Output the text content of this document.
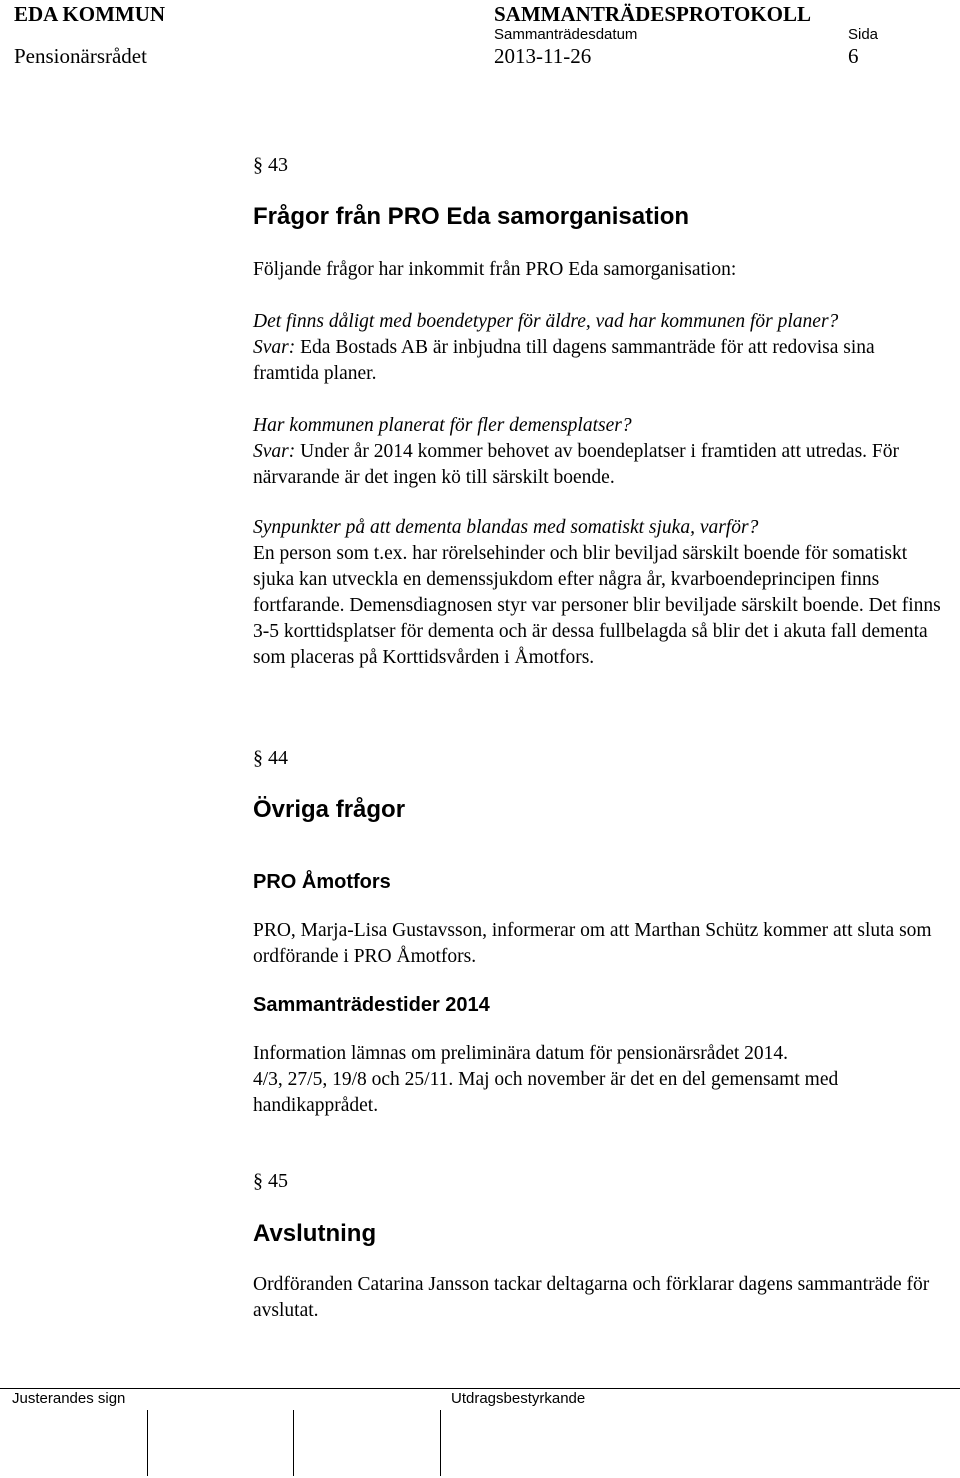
EDA KOMMUN	SAMMANTRÄDESPROTOKOLL
Sammanträdesdatum	Sida
Pensionärsrådet	2013-11-26	6
§ 43
Frågor från PRO Eda samorganisation
Följande frågor har inkommit från PRO Eda samorganisation:
Det finns dåligt med boendetyper för äldre, vad har kommunen för planer?
Svar: Eda Bostads AB är inbjudna till dagens sammanträde för att redovisa sina framtida planer.
Har kommunen planerat för fler demensplatser?
Svar: Under år 2014 kommer behovet av boendeplatser i framtiden att utredas. För närvarande är det ingen kö till särskilt boende.
Synpunkter på att dementa blandas med somatiskt sjuka, varför?
En person som t.ex. har rörelsehinder och blir beviljad särskilt boende för somatiskt sjuka kan utveckla en demenssjukdom efter några år, kvarboendeprincipen finns fortfarande. Demensdiagnosen styr var personer blir beviljade särskilt boende. Det finns 3-5 korttidsplatser för dementa och är dessa fullbelagda så blir det i akuta fall dementa som placeras på Korttidsvården i Åmotfors.
§ 44
Övriga frågor
PRO Åmotfors
PRO, Marja-Lisa Gustavsson, informerar om att Marthan Schütz kommer att sluta som ordförande i PRO Åmotfors.
Sammanträdestider 2014
Information lämnas om preliminära datum för pensionärsrådet 2014.
4/3, 27/5, 19/8 och 25/11. Maj och november är det en del gemensamt med handikapprådet.
§ 45
Avslutning
Ordföranden Catarina Jansson tackar deltagarna och förklarar dagens sammanträde för avslutat.
Justerandes sign	Utdragsbestyrkande
